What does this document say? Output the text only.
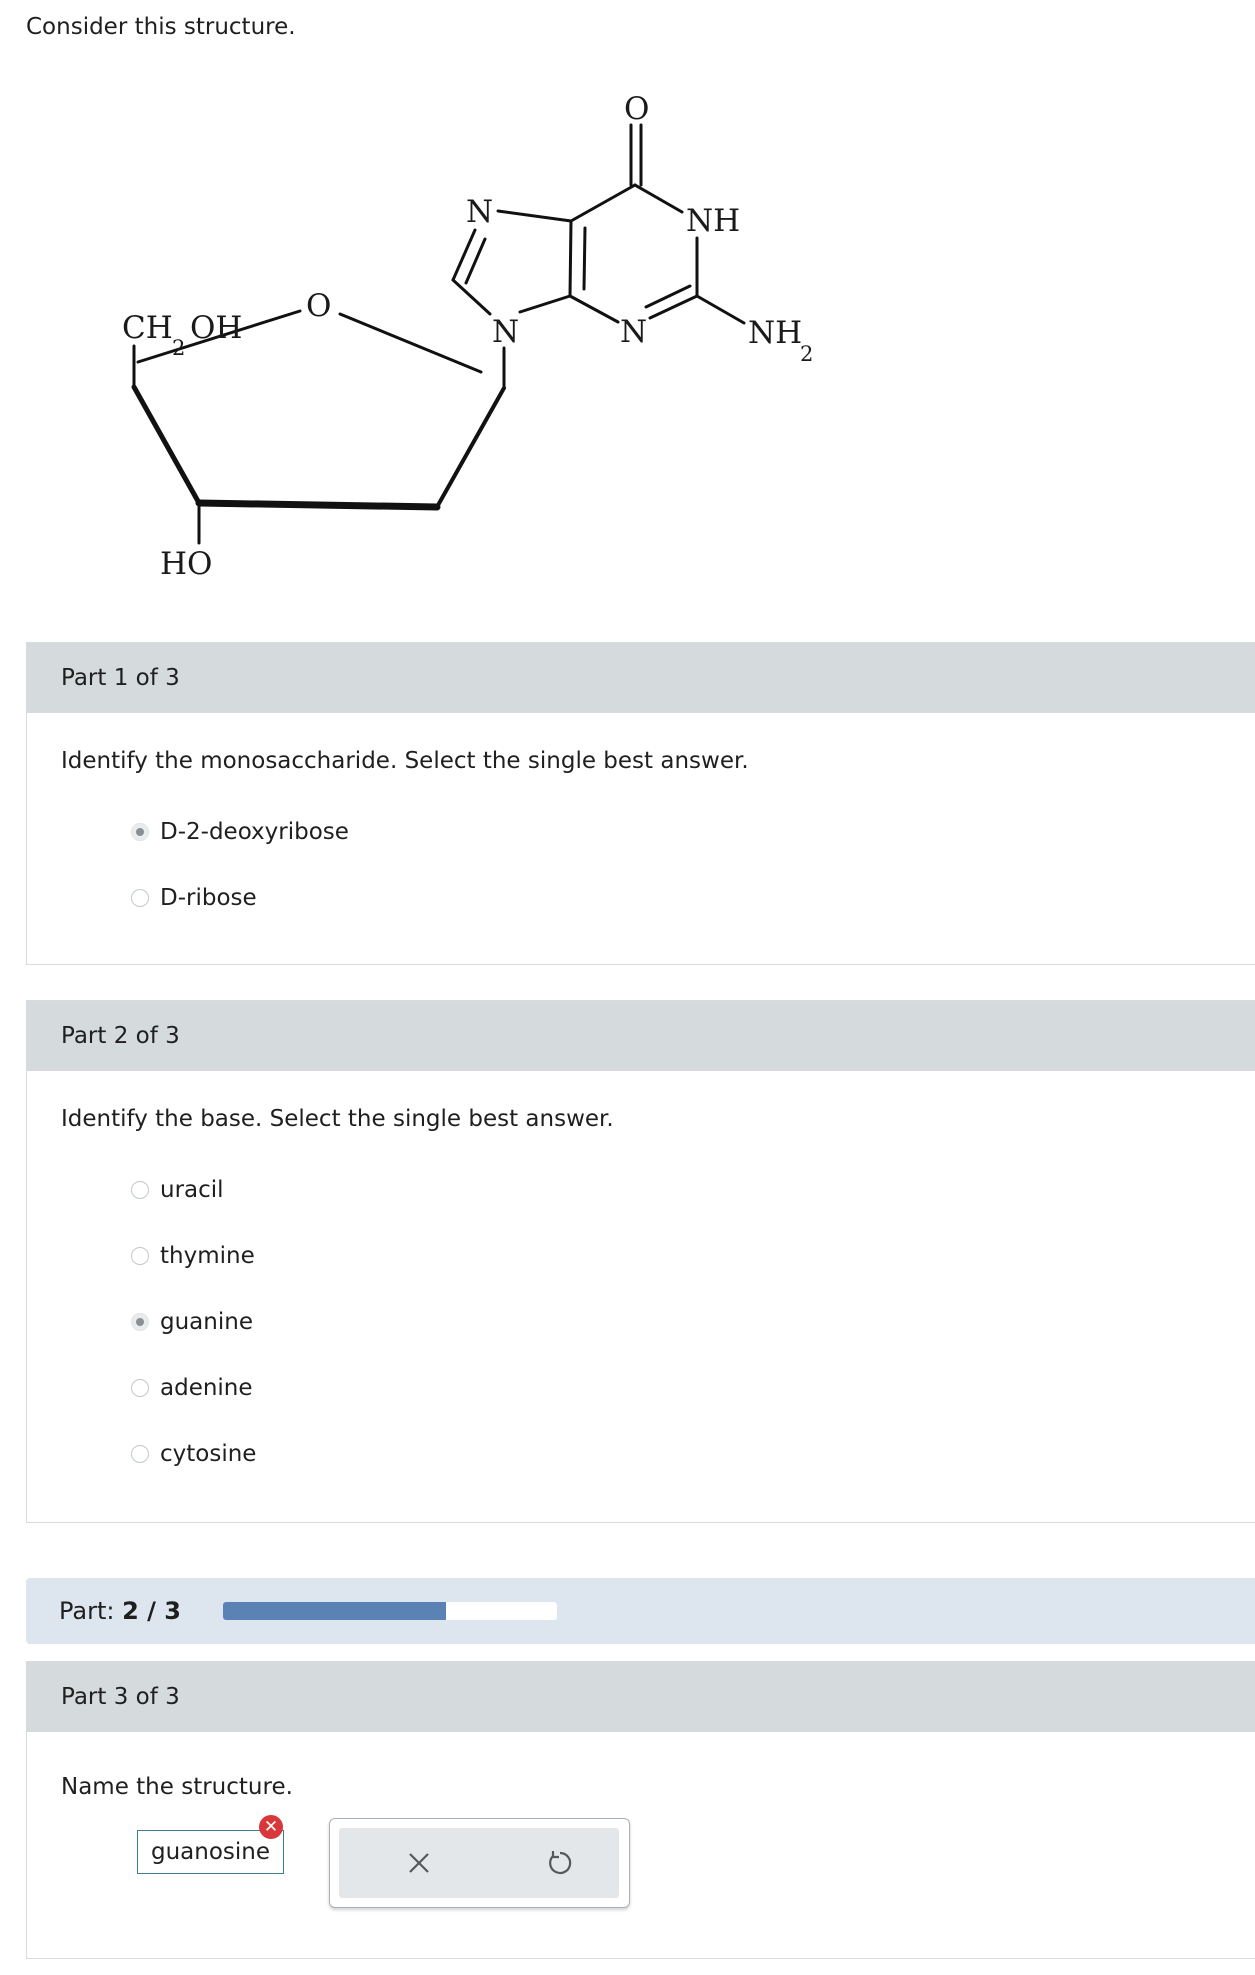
Consider this structure.
CH
2
OH
O
HO
N
N
O
NH
N	NH
2
Part 1 of 3
Identify the monosaccharide. Select the single best answer.
D-2-deoxyribose
D-ribose
Part 2 of 3
Identify the base. Select the single best answer.
uracil
thymine
guanine
adenine
cytosine
Part: 2 / 3
Part 3 of 3
Name the structure.
guanosine
✕
